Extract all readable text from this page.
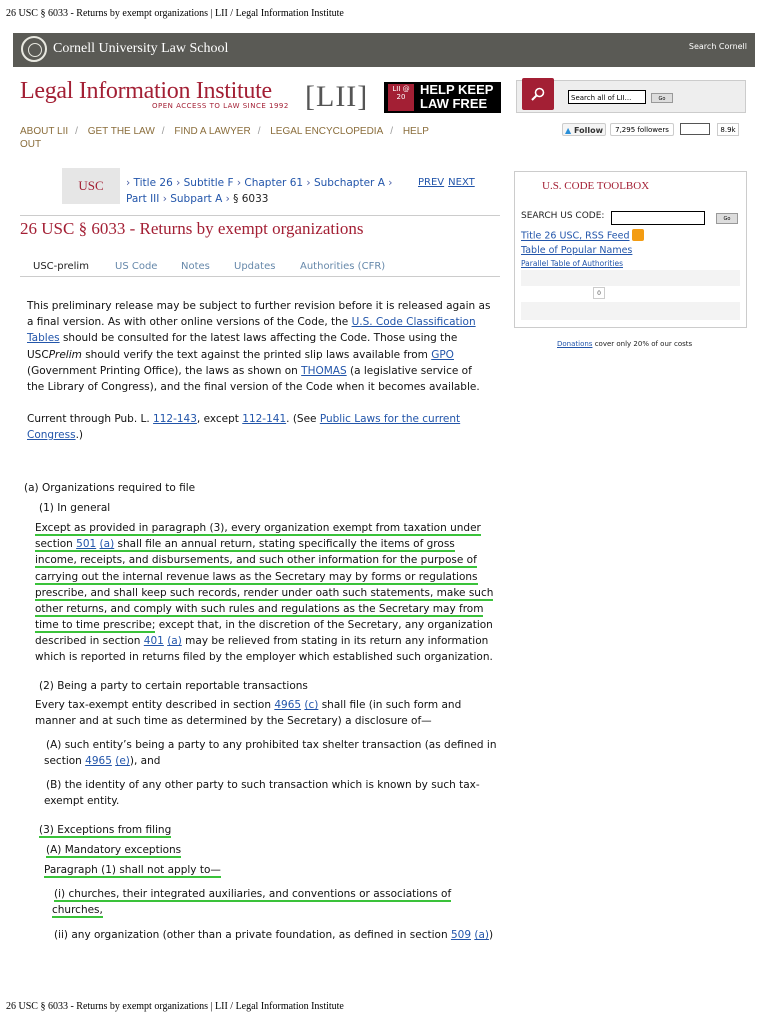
26 USC § 6033 - Returns by exempt organizations | LII / Legal Information Institute
Cornell University Law School	Search Cornell
Legal Information Institute
OPEN ACCESS TO LAW SINCE 1992 [LII]	LII @ 20	HELP KEEP
LAW FREE	Search all of LII...	Go
ABOUT LII / GET THE LAW / FIND A LAWYER / LEGAL ENCYCLOPEDIA / HELP OUT
▲ Follow	7,295 followers	8.9k
USC	› Title 26 › Subtitle F › Chapter 61 › Subchapter A ›
Part III › Subpart A › § 6033
PREV NEXT
26 USC § 6033 - Returns by exempt organizations
USC-prelim	US Code Notes Updates Authorities (CFR)
U.S. CODE TOOLBOX
SEARCH US CODE:	Go
Title 26 USC, RSS Feed
Table of Popular Names
Parallel Table of Authorities
0
Donations cover only 20% of our costs
This preliminary release may be subject to further revision before it is released again as a final version. As with other online versions of the Code, the U.S. Code Classification Tables should be consulted for the latest laws affecting the Code. Those using the USCPrelim should verify the text against the printed slip laws available from GPO (Government Printing Office), the laws as shown on THOMAS (a legislative service of the Library of Congress), and the final version of the Code when it becomes available.
Current through Pub. L. 112-143, except 112-141. (See Public Laws for the current Congress.)
(a) Organizations required to file
(1) In general
Except as provided in paragraph (3), every organization exempt from taxation under
section 501 (a) shall file an annual return, stating specifically the items of gross
income, receipts, and disbursements, and such other information for the purpose of
carrying out the internal revenue laws as the Secretary may by forms or regulations
prescribe, and shall keep such records, render under oath such statements, make such
other returns, and comply with such rules and regulations as the Secretary may from
time to time prescribe; except that, in the discretion of the Secretary, any organization
described in section 401 (a) may be relieved from stating in its return any information
which is reported in returns filed by the employer which established such organization.
(2) Being a party to certain reportable transactions
Every tax-exempt entity described in section 4965 (c) shall file (in such form and
manner and at such time as determined by the Secretary) a disclosure of—
(A) such entity’s being a party to any prohibited tax shelter transaction (as defined in
section 4965 (e)), and
(B) the identity of any other party to such transaction which is known by such tax-
exempt entity.
(3) Exceptions from filing
(A) Mandatory exceptions
Paragraph (1) shall not apply to—
(i) churches, their integrated auxiliaries, and conventions or associations of
churches,
(ii) any organization (other than a private foundation, as defined in section 509 (a))
26 USC § 6033 - Returns by exempt organizations | LII / Legal Information Institute
